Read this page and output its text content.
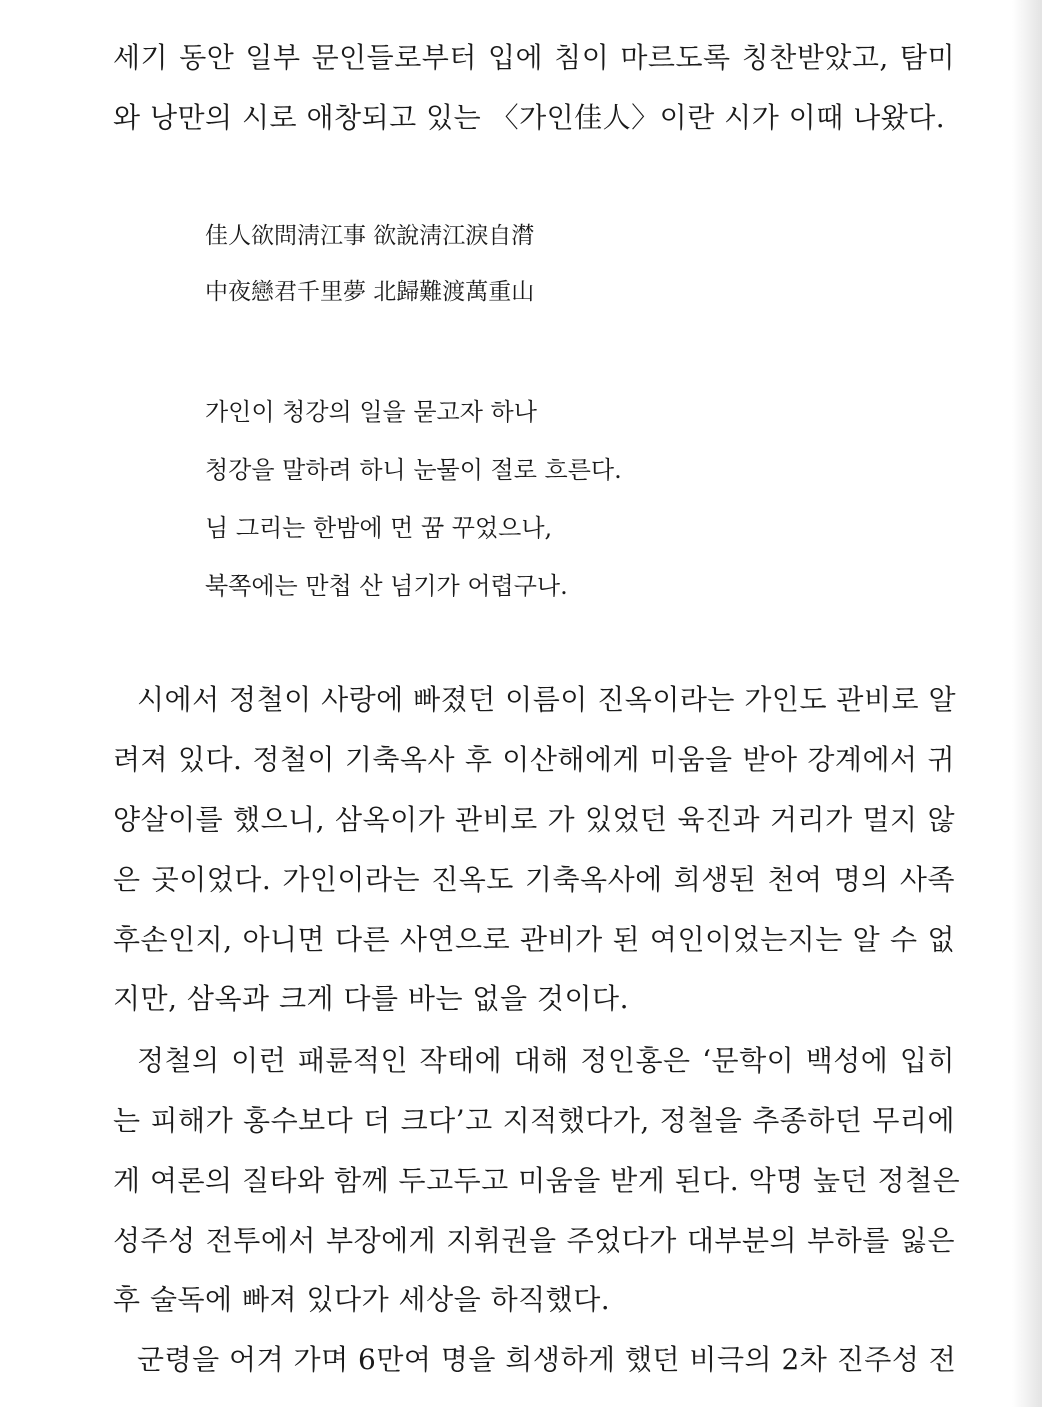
세기 동안 일부 문인들로부터 입에 침이 마르도록 칭찬받았고, 탐미
와 낭만의 시로 애창되고 있는 〈가인佳人〉이란 시가 이때 나왔다.
佳人欲問淸江事 欲說淸江淚自潸
中夜戀君千里夢 北歸難渡萬重山
가인이 청강의 일을 묻고자 하나
청강을 말하려 하니 눈물이 절로 흐른다.
님 그리는 한밤에 먼 꿈 꾸었으나,
북쪽에는 만첩 산 넘기가 어렵구나.
시에서 정철이 사랑에 빠졌던 이름이 진옥이라는 가인도 관비로 알
려져 있다. 정철이 기축옥사 후 이산해에게 미움을 받아 강계에서 귀
양살이를 했으니, 삼옥이가 관비로 가 있었던 육진과 거리가 멀지 않
은 곳이었다. 가인이라는 진옥도 기축옥사에 희생된 천여 명의 사족
후손인지, 아니면 다른 사연으로 관비가 된 여인이었는지는 알 수 없
지만, 삼옥과 크게 다를 바는 없을 것이다.
정철의 이런 패륜적인 작태에 대해 정인홍은 ‘문학이 백성에 입히
는 피해가 홍수보다 더 크다’고 지적했다가, 정철을 추종하던 무리에
게 여론의 질타와 함께 두고두고 미움을 받게 된다. 악명 높던 정철은
성주성 전투에서 부장에게 지휘권을 주었다가 대부분의 부하를 잃은
후 술독에 빠져 있다가 세상을 하직했다.
군령을 어겨 가며 6만여 명을 희생하게 했던 비극의 2차 진주성 전
